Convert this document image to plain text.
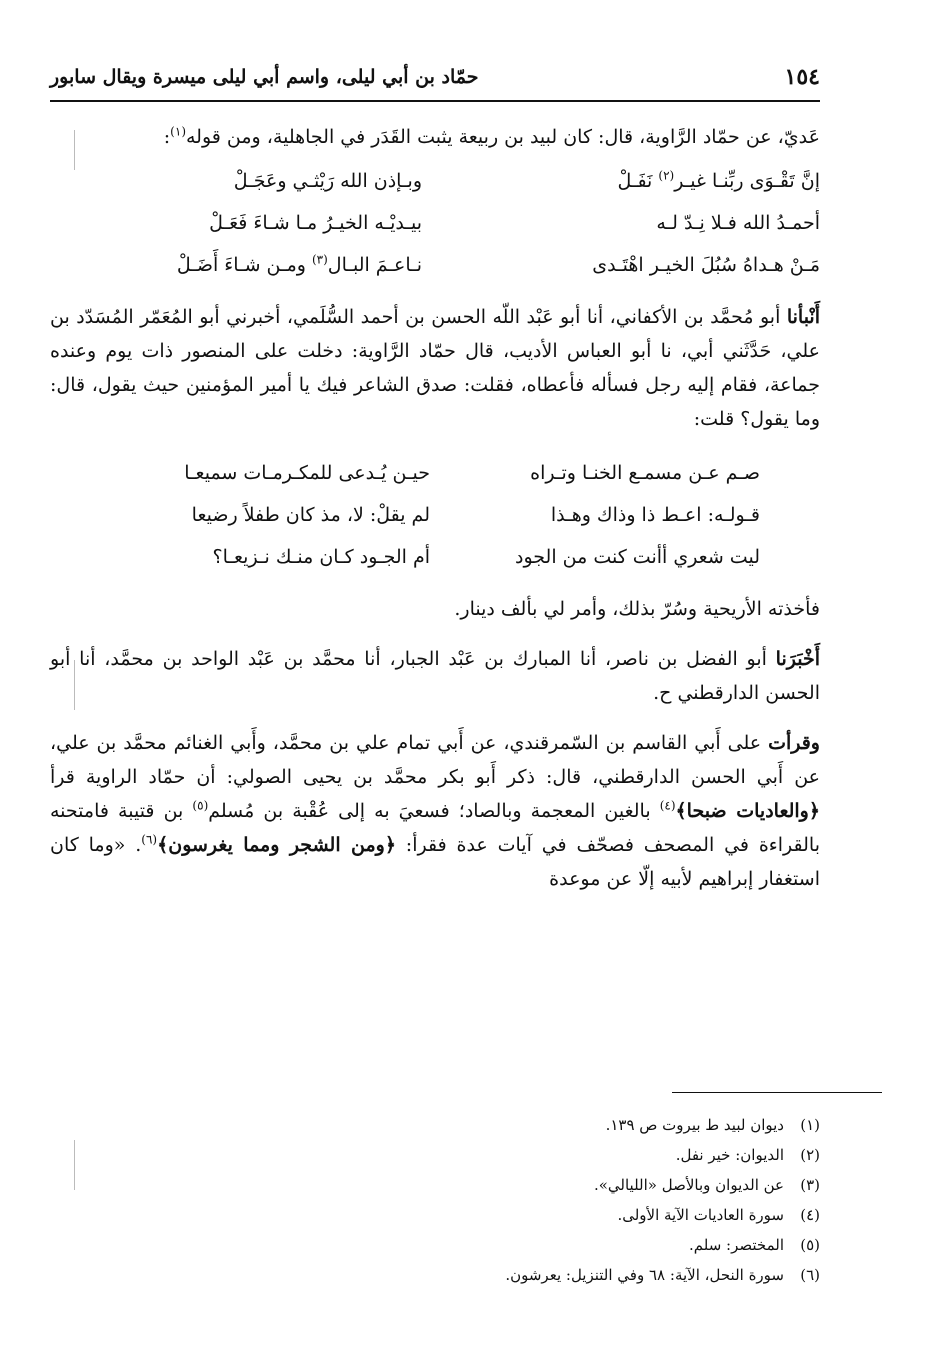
١٥٤
حمّاد بن أبي ليلى، واسم أبي ليلى ميسرة ويقال سابور

عَديّ، عن حمّاد الرَّاوية، قال: كان لبيد بن ربيعة يثبت القَدَر في الجاهلية، ومن قوله$^{(١)}$:

إنَّ تَقْـوَى ربِّنـا غيـر$^{(٢)}$ نَفَـلْ
وبـإذن الله رَيْثـي وعَجَـلْ
أحمـدُ الله فـلا نِـدّ لـه
بيـديْـه الخيـرُ مـا شـاءَ فَعَـلْ
مَـنْ هـداهُ سُبُلَ الخيـر اهْتَـدى
نـاعـمَ البـال$^{(٣)}$ ومـن شـاءَ أَضَـلْ

أَنْبأنا أبو مُحمَّد بن الأكفاني، أنا أبو عَبْد اللّه الحسن بن أحمد السُّلَمي، أخبرني أبو المُعَمّر المُسَدّد بن علي، حَدَّثَني أبي، نا أبو العباس الأديب، قال حمّاد الرَّاوية: دخلت على المنصور ذات يوم وعنده جماعة، فقام إليه رجل فسأله فأعطاه، فقلت: صدق الشاعر فيك يا أمير المؤمنين حيث يقول، قال: وما يقول؟ قلت:

صـم عـن مسمـع الخنـا وتـراه
حيـن يُـدعى للمكـرمـات سميعـا
قـولـه: اعـط ذا وذاك وهـذا
لم يقلْ: لا، مذ كان طفلاً رضيعا
ليت شعري أأنت كنت من الجود
أم الجـود كـان منـك نـزيعـا؟

فأخذته الأريحية وسُرّ بذلك، وأمر لي بألف دينار.

أَخْبَرَنا أبو الفضل بن ناصر، أنا المبارك بن عَبْد الجبار، أنا محمَّد بن عَبْد الواحد بن محمَّد، أنا أبو الحسن الدارقطني ح.

وقرأت على أَبي القاسم بن السّمرقندي، عن أَبي تمام علي بن محمَّد، وأَبي الغنائم محمَّد بن علي، عن أَبي الحسن الدارقطني، قال: ذكر أَبو بكر محمَّد بن يحيى الصولي: أن حمّاد الراوية قرأ ﴿والعاديات ضبحا﴾$^{(٤)}$ بالغين المعجمة وبالصاد؛ فسعيَ به إلى عُقْبة بن مُسلم$^{(٥)}$ بن قتيبة فامتحنه بالقراءة في المصحف فصحّف في آيات عدة فقرأ: ﴿ومن الشجر ومما يغرسون﴾$^{(٦)}$. «وما كان استغفار إبراهيم لأبيه إلّا عن موعدة

(١)
ديوان لبيد ط بيروت ص ١٣٩.
(٢)
الديوان: خير نفل.
(٣)
عن الديوان وبالأصل «الليالي».
(٤)
سورة العاديات الآية الأولى.
(٥)
المختصر: سلم.
(٦)
سورة النحل، الآية: ٦٨ وفي التنزيل: يعرشون.
